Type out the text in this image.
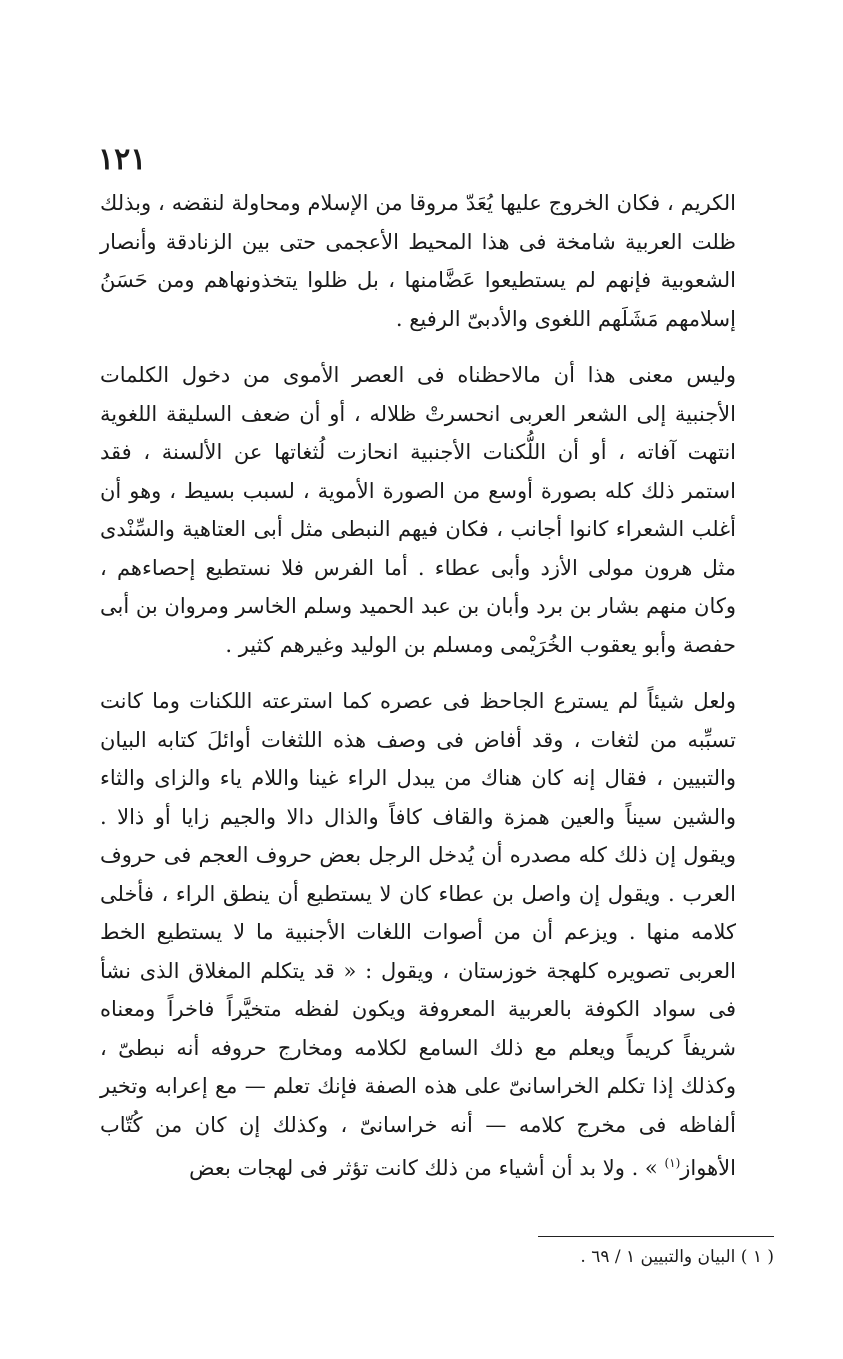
١٢١

الكريم ، فكان الخروج عليها يُعَدّ مروقا من الإسلام ومحاولة لنقضه ، وبذلك ظلت العربية شامخة فى هذا المحيط الأعجمى حتى بين الزنادقة وأنصار الشعوبية فإنهم لم يستطيعوا عَضَّامنها ، بل ظلوا يتخذونهاهم ومن حَسَنُ إسلامهم مَشَلَهم اللغوى والأدبىّ الرفيع .

وليس معنى هذا أن مالاحظناه فى العصر الأموى من دخول الكلمات الأجنبية إلى الشعر العربى انحسرتْ ظلاله ، أو أن ضعف السليقة اللغوية انتهت آفاته ، أو أن اللُّكنات الأجنبية انحازت لُثغاتها عن الألسنة ، فقد استمر ذلك كله بصورة أوسع من الصورة الأموية ، لسبب بسيط ، وهو أن أغلب الشعراء كانوا أجانب ، فكان فيهم النبطى مثل أبى العتاهية والسِّنْدى مثل هرون مولى الأزد وأبى عطاء . أما الفرس فلا نستطيع إحصاءهم ، وكان منهم بشار بن برد وأبان بن عبد الحميد وسلم الخاسر ومروان بن أبى حفصة وأبو يعقوب الخُرَيْمى ومسلم بن الوليد وغيرهم كثير .

ولعل شيئاً لم يسترع الجاحظ فى عصره كما استرعته اللكنات وما كانت تسبِّبه من لثغات ، وقد أفاض فى وصف هذه اللثغات أوائلَ كتابه البيان والتبيين ، فقال إنه كان هناك من يبدل الراء غينا واللام ياء والزاى والثاء والشين سيناً والعين همزة والقاف كافاً والذال دالا والجيم زايا أو ذالا . ويقول إن ذلك كله مصدره أن يُدخل الرجل بعض حروف العجم فى حروف العرب . ويقول إن واصل بن عطاء كان لا يستطيع أن ينطق الراء ، فأخلى كلامه منها . ويزعم أن من أصوات اللغات الأجنبية ما لا يستطيع الخط العربى تصويره كلهجة خوزستان ، ويقول : « قد يتكلم المغلاق الذى نشأ فى سواد الكوفة بالعربية المعروفة ويكون لفظه متخيَّراً فاخراً ومعناه شريفاً كريماً ويعلم مع ذلك السامع لكلامه ومخارج حروفه أنه نبطىّ ، وكذلك إذا تكلم الخراسانىّ على هذه الصفة فإنك تعلم — مع إعرابه وتخير ألفاظه فى مخرج كلامه — أنه خراسانىّ ، وكذلك إن كان من كُتّاب الأهواز$^{(١)}$ » . ولا بد أن أشياء من ذلك كانت تؤثر فى لهجات بعض

( ١ ) البيان والتبيين ١ / ٦٩ .
